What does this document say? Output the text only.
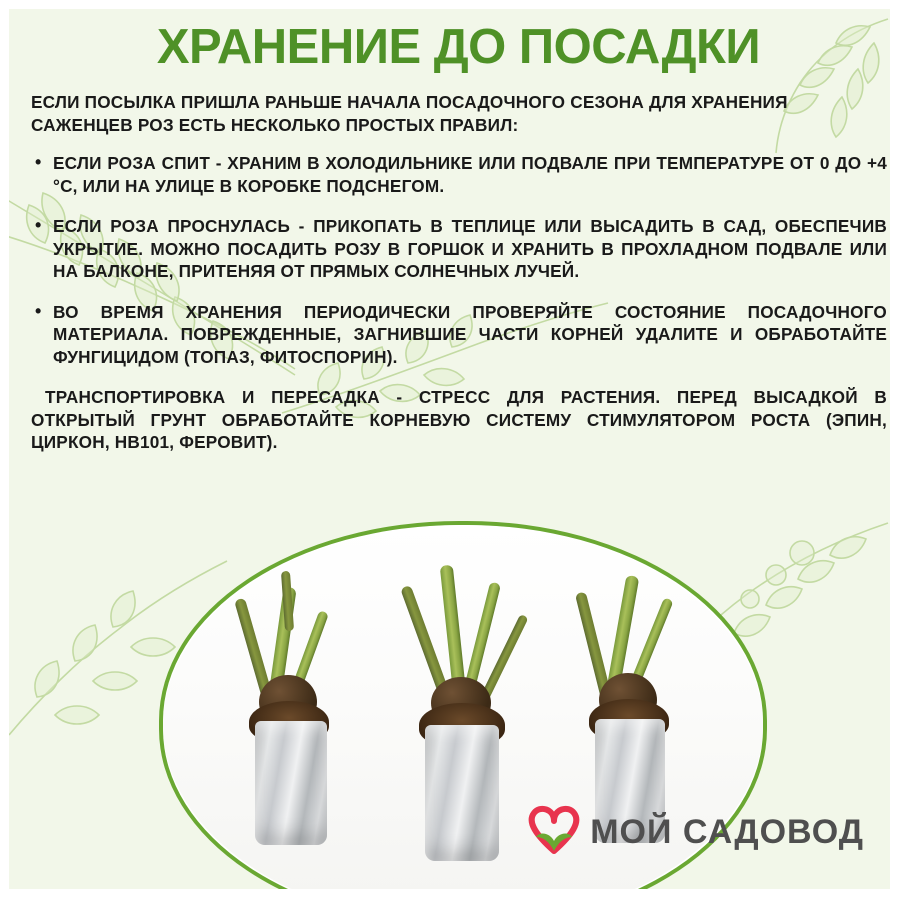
ХРАНЕНИЕ ДО ПОСАДКИ
ЕСЛИ ПОСЫЛКА ПРИШЛА РАНЬШЕ НАЧАЛА ПОСАДОЧНОГО СЕЗОНА ДЛЯ ХРАНЕНИЯ САЖЕНЦЕВ РОЗ ЕСТЬ НЕСКОЛЬКО ПРОСТЫХ ПРАВИЛ:
• ЕСЛИ РОЗА СПИТ - ХРАНИМ В ХОЛОДИЛЬНИКЕ ИЛИ ПОДВАЛЕ ПРИ ТЕМПЕРАТУРЕ ОТ 0 ДО +4 °С, ИЛИ НА УЛИЦЕ В КОРОБКЕ ПОДСНЕГОМ.
• ЕСЛИ РОЗА ПРОСНУЛАСЬ - ПРИКОПАТЬ В ТЕПЛИЦЕ ИЛИ ВЫСАДИТЬ В САД, ОБЕСПЕЧИВ УКРЫТИЕ. МОЖНО ПОСАДИТЬ РОЗУ В ГОРШОК И ХРАНИТЬ В ПРОХЛАДНОМ ПОДВАЛЕ ИЛИ НА БАЛКОНЕ, ПРИТЕНЯЯ ОТ ПРЯМЫХ СОЛНЕЧНЫХ ЛУЧЕЙ.
• ВО ВРЕМЯ ХРАНЕНИЯ ПЕРИОДИЧЕСКИ ПРОВЕРЯЙТЕ СОСТОЯНИЕ ПОСАДОЧНОГО МАТЕРИАЛА. ПОВРЕЖДЕННЫЕ, ЗАГНИВШИЕ ЧАСТИ КОРНЕЙ УДАЛИТЕ И ОБРАБОТАЙТЕ ФУНГИЦИДОМ (ТОПАЗ, ФИТОСПОРИН).
ТРАНСПОРТИРОВКА И ПЕРЕСАДКА - СТРЕСС ДЛЯ РАСТЕНИЯ. ПЕРЕД ВЫСАДКОЙ В ОТКРЫТЫЙ ГРУНТ ОБРАБОТАЙТЕ КОРНЕВУЮ СИСТЕМУ СТИМУЛЯТОРОМ РОСТА (ЭПИН, ЦИРКОН, НВ101, ФЕРОВИТ).
МОЙ САДОВОД
